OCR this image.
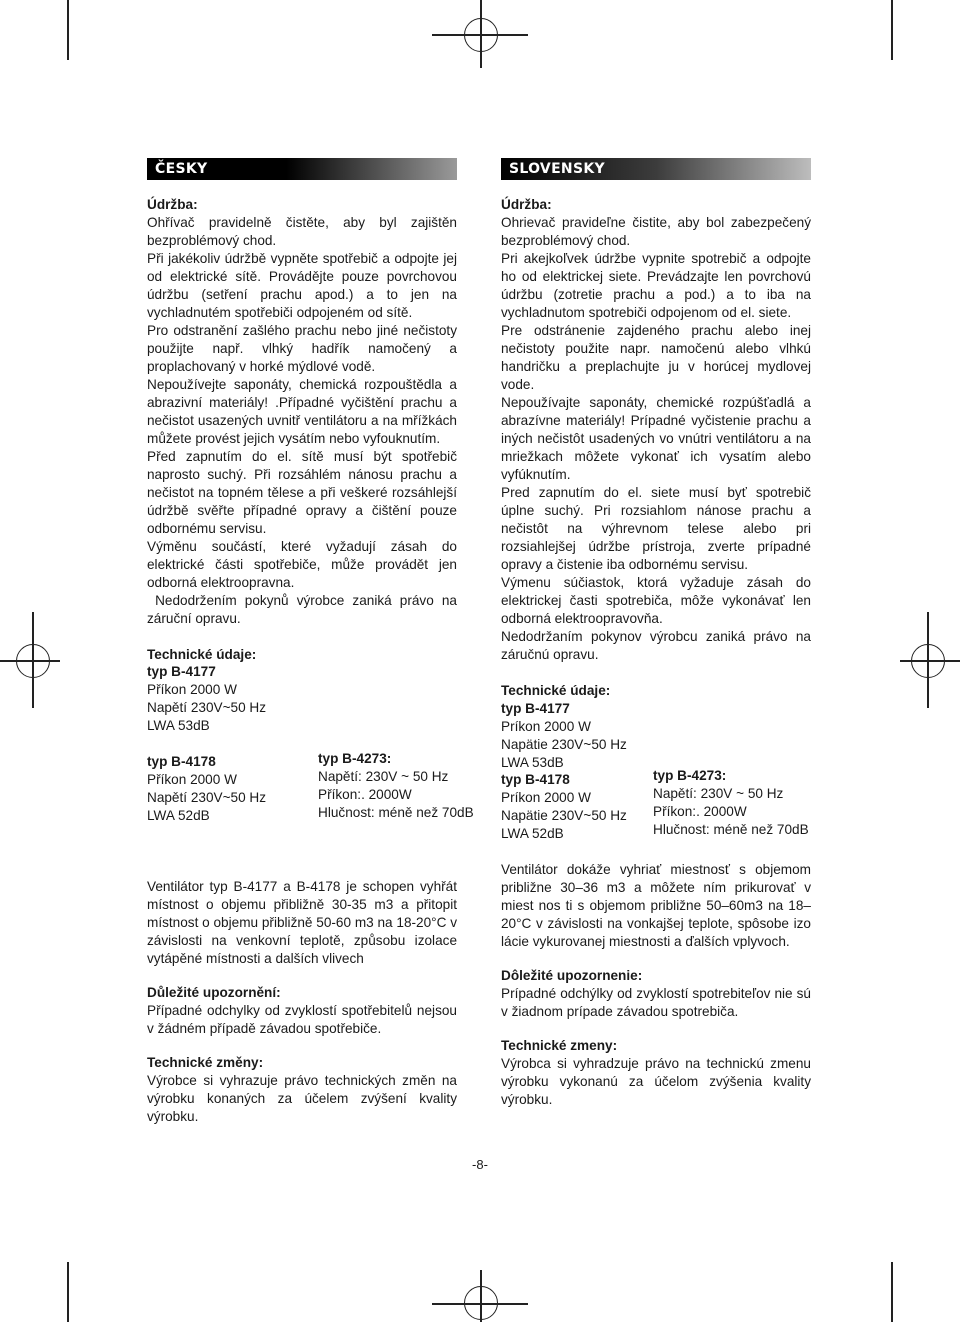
ČESKY
Údržba:

Ohřívač pravidelně čistěte, aby byl zajištěn bezproblémový chod.

Při jakékoliv údržbě vypněte spotřebič a odpojte jej od elektrické sítě. Provádějte pouze povrchovou údržbu (setření prachu apod.) a to jen na vychladnutém spotřebiči odpojeném od sítě.

Pro odstranění zašlého prachu nebo jiné nečistoty použijte např. vlhký hadřík namočený a proplachovaný v horké mýdlové vodě.

Nepoužívejte saponáty, chemická rozpouštědla a abrazivní materiály! .Případné vyčištění prachu a nečistot usazených uvnitř ventilátoru a na mřížkách můžete provést jejich vysátím nebo vyfouknutím.

Před zapnutím do el. sítě musí být spotřebič naprosto suchý. Při rozsáhlém nánosu prachu a nečistot na topném tělese a při veškeré rozsáhlejší údržbě svěřte případné opravy a čištění pouze odbornému servisu.

Výměnu součástí, které vyžadují zásah do elektrické části spotřebiče, může provádět jen odborná elektroopravna.

Nedodržením pokynů výrobce zaniká právo na záruční opravu.

Technické údaje:
typ B-4177
Příkon 2000 W
Napětí 230V~50 Hz
LWA 53dB
typ B-4178
Příkon 2000 W
Napětí 230V~50 Hz
LWA 52dB
typ B-4273:
Napětí: 230V ~ 50 Hz
Příkon:. 2000W
Hlučnost: méně než 70dB

Ventilátor typ B-4177 a B-4178 je schopen vyhřát místnost o objemu přibližně 30-35 m3 a přitopit místnost o objemu přibližně 50-60 m3 na 18-20°C v závislosti na venkovní teplotě, způsobu izolace vytápěné místnosti a dalších vlivech

Důležité upozornění:

Případné odchylky od zvyklostí spotřebitelů nejsou v žádném případě závadou spotřebiče.

Technické změny:

Výrobce si vyhrazuje právo technických změn na výrobku konaných za účelem zvýšení kvality výrobku.

SLOVENSKY
Údržba:

Ohrievač pravideľne čistite, aby bol zabezpečený bezproblémový chod.

Pri akejkoľvek údržbe vypnite spotrebič a odpojte ho od elektrickej siete. Prevádzajte len povrchovú údržbu (zotretie prachu a pod.) a to iba na vychladnutom spotrebiči odpojenom od el. siete.

Pre odstránenie zajdeného prachu alebo inej nečistoty použite napr. namočenú alebo vlhkú handričku a preplachujte ju v horúcej mydlovej vode.

Nepoužívajte saponáty, chemické rozpúšťadlá a abrazívne materiály! Prípadné vyčistenie prachu a iných nečistôt usadených vo vnútri ventilátoru a na mriežkach môžete vykonať ich vysatím alebo vyfúknutím.

Pred zapnutím do el. siete musí byť spotrebič úplne suchý. Pri rozsiahlom nánose prachu a nečistôt na výhrevnom telese alebo pri rozsiahlejšej údržbe prístroja, zverte prípadné opravy a čistenie iba odbornému servisu.

Výmenu súčiastok, ktorá vyžaduje zásah do elektrickej časti spotrebiča, môže vykonávať len odborná elektroopravovňa.

Nedodržaním pokynov výrobcu zaniká právo na záručnú opravu.

Technické údaje:
typ B-4177
Príkon 2000 W
Napätie 230V~50 Hz
LWA 53dB
typ B-4178
Príkon 2000 W
Napätie 230V~50 Hz
LWA 52dB
typ B-4273:
Napětí: 230V ~ 50 Hz
Příkon:. 2000W
Hlučnost: méně než 70dB

Ventilátor dokáže vyhriať miestnosť s objemom približne 30–36 m3 a môžete ním prikurovať v miest nos ti s objemom približne 50–60m3 na 18–20°C v závislosti na vonkajšej teplote, spôsobe izo lácie vykurovanej miestnosti a ďalších vplyvoch.

Dôležité upozornenie:

Prípadné odchýlky od zvyklostí spotrebiteľov nie sú v žiadnom prípade závadou spotrebiča.

Technické zmeny:

Výrobca si vyhradzuje právo na technickú zmenu výrobku vykonanú za účelom zvýšenia kvality výrobku.

-8-
